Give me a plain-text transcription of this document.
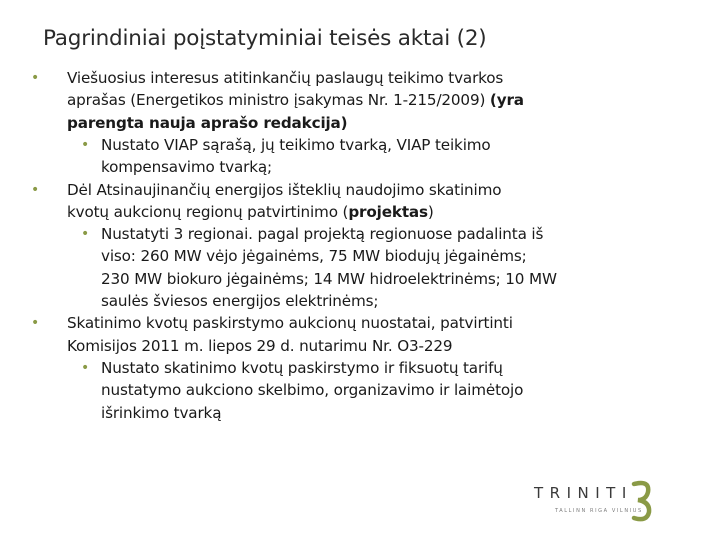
Pagrindiniai poįstatyminiai teisės aktai (2)
• Viešuosius interesus atitinkančių paslaugų teikimo tvarkos
aprašas (Energetikos ministro įsakymas Nr. 1-215/2009) (yra
parengta nauja aprašo redakcija)
• Nustato VIAP sąrašą, jų teikimo tvarką, VIAP teikimo
kompensavimo tvarką;
• Dėl Atsinaujinančių energijos išteklių naudojimo skatinimo
kvotų aukcionų regionų patvirtinimo (projektas)
• Nustatyti 3 regionai. pagal projektą regionuose padalinta iš
viso: 260 MW vėjo jėgainėms, 75 MW biodujų jėgainėms;
230 MW biokuro jėgainėms; 14 MW hidroelektrinėms; 10 MW
saulės šviesos energijos elektrinėms;
• Skatinimo kvotų paskirstymo aukcionų nuostatai, patvirtinti
Komisijos 2011 m. liepos 29 d. nutarimu Nr. O3-229
• Nustato skatinimo kvotų paskirstymo ir fiksuotų tarifų
nustatymo aukciono skelbimo, organizavimo ir laimėtojo
išrinkimo tvarką
TRINITI
TALLINN RIGA VILNIUS
